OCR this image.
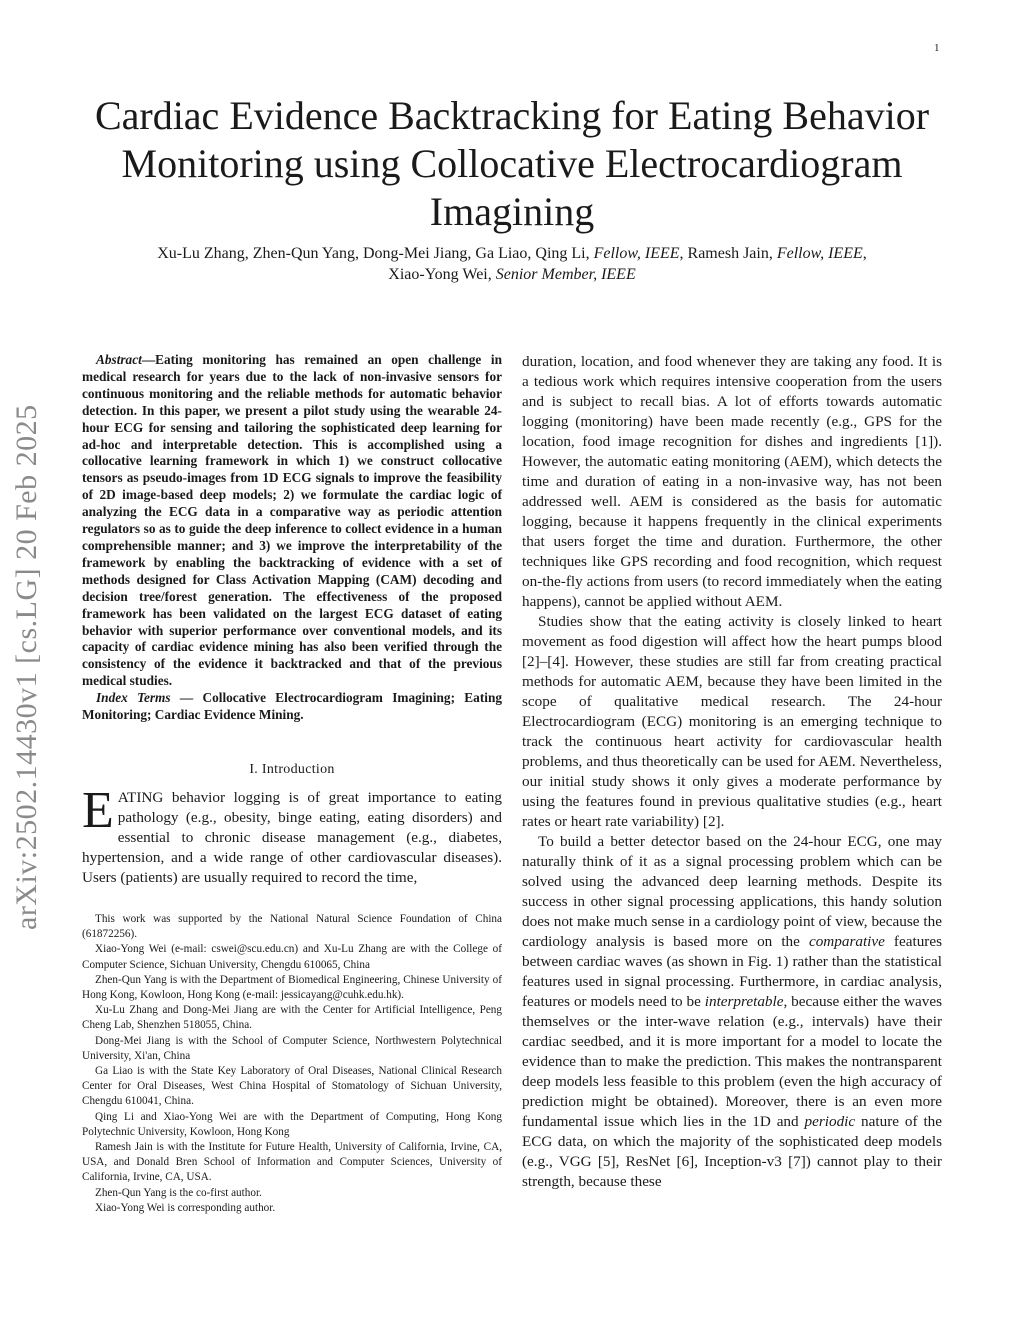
1
Cardiac Evidence Backtracking for Eating Behavior Monitoring using Collocative Electrocardiogram Imagining
Xu-Lu Zhang, Zhen-Qun Yang, Dong-Mei Jiang, Ga Liao, Qing Li, Fellow, IEEE, Ramesh Jain, Fellow, IEEE,
Xiao-Yong Wei, Senior Member, IEEE
arXiv:2502.14430v1 [cs.LG] 20 Feb 2025

Abstract—Eating monitoring has remained an open challenge in medical research for years due to the lack of non-invasive sensors for continuous monitoring and the reliable methods for automatic behavior detection. In this paper, we present a pilot study using the wearable 24-hour ECG for sensing and tailoring the sophisticated deep learning for ad-hoc and interpretable detection. This is accomplished using a collocative learning framework in which 1) we construct collocative tensors as pseudo-images from 1D ECG signals to improve the feasibility of 2D image-based deep models; 2) we formulate the cardiac logic of analyzing the ECG data in a comparative way as periodic attention regulators so as to guide the deep inference to collect evidence in a human comprehensible manner; and 3) we improve the interpretability of the framework by enabling the backtracking of evidence with a set of methods designed for Class Activation Mapping (CAM) decoding and decision tree/forest generation. The effectiveness of the proposed framework has been validated on the largest ECG dataset of eating behavior with superior performance over conventional models, and its capacity of cardiac evidence mining has also been verified through the consistency of the evidence it backtracked and that of the previous medical studies.

Index Terms — Collocative Electrocardiogram Imagining; Eating Monitoring; Cardiac Evidence Mining.

I. Introduction

EATING behavior logging is of great importance to eating pathology (e.g., obesity, binge eating, eating disorders) and essential to chronic disease management (e.g., diabetes, hypertension, and a wide range of other cardiovascular diseases). Users (patients) are usually required to record the time,

This work was supported by the National Natural Science Foundation of China (61872256).

Xiao-Yong Wei (e-mail: cswei@scu.edu.cn) and Xu-Lu Zhang are with the College of Computer Science, Sichuan University, Chengdu 610065, China

Zhen-Qun Yang is with the Department of Biomedical Engineering, Chinese University of Hong Kong, Kowloon, Hong Kong (e-mail: jessicayang@cuhk.edu.hk).

Xu-Lu Zhang and Dong-Mei Jiang are with the Center for Artificial Intelligence, Peng Cheng Lab, Shenzhen 518055, China.

Dong-Mei Jiang is with the School of Computer Science, Northwestern Polytechnical University, Xi'an, China

Ga Liao is with the State Key Laboratory of Oral Diseases, National Clinical Research Center for Oral Diseases, West China Hospital of Stomatology of Sichuan University, Chengdu 610041, China.

Qing Li and Xiao-Yong Wei are with the Department of Computing, Hong Kong Polytechnic University, Kowloon, Hong Kong

Ramesh Jain is with the Institute for Future Health, University of California, Irvine, CA, USA, and Donald Bren School of Information and Computer Sciences, University of California, Irvine, CA, USA.

Zhen-Qun Yang is the co-first author.

Xiao-Yong Wei is corresponding author.

duration, location, and food whenever they are taking any food. It is a tedious work which requires intensive cooperation from the users and is subject to recall bias. A lot of efforts towards automatic logging (monitoring) have been made recently (e.g., GPS for the location, food image recognition for dishes and ingredients [1]). However, the automatic eating monitoring (AEM), which detects the time and duration of eating in a non-invasive way, has not been addressed well. AEM is considered as the basis for automatic logging, because it happens frequently in the clinical experiments that users forget the time and duration. Furthermore, the other techniques like GPS recording and food recognition, which request on-the-fly actions from users (to record immediately when the eating happens), cannot be applied without AEM.

Studies show that the eating activity is closely linked to heart movement as food digestion will affect how the heart pumps blood [2]–[4]. However, these studies are still far from creating practical methods for automatic AEM, because they have been limited in the scope of qualitative medical research. The 24-hour Electrocardiogram (ECG) monitoring is an emerging technique to track the continuous heart activity for cardiovascular health problems, and thus theoretically can be used for AEM. Nevertheless, our initial study shows it only gives a moderate performance by using the features found in previous qualitative studies (e.g., heart rates or heart rate variability) [2].

To build a better detector based on the 24-hour ECG, one may naturally think of it as a signal processing problem which can be solved using the advanced deep learning methods. Despite its success in other signal processing applications, this handy solution does not make much sense in a cardiology point of view, because the cardiology analysis is based more on the comparative features between cardiac waves (as shown in Fig. 1) rather than the statistical features used in signal processing. Furthermore, in cardiac analysis, features or models need to be interpretable, because either the waves themselves or the inter-wave relation (e.g., intervals) have their cardiac seedbed, and it is more important for a model to locate the evidence than to make the prediction. This makes the nontransparent deep models less feasible to this problem (even the high accuracy of prediction might be obtained). Moreover, there is an even more fundamental issue which lies in the 1D and periodic nature of the ECG data, on which the majority of the sophisticated deep models (e.g., VGG [5], ResNet [6], Inception-v3 [7]) cannot play to their strength, because these
